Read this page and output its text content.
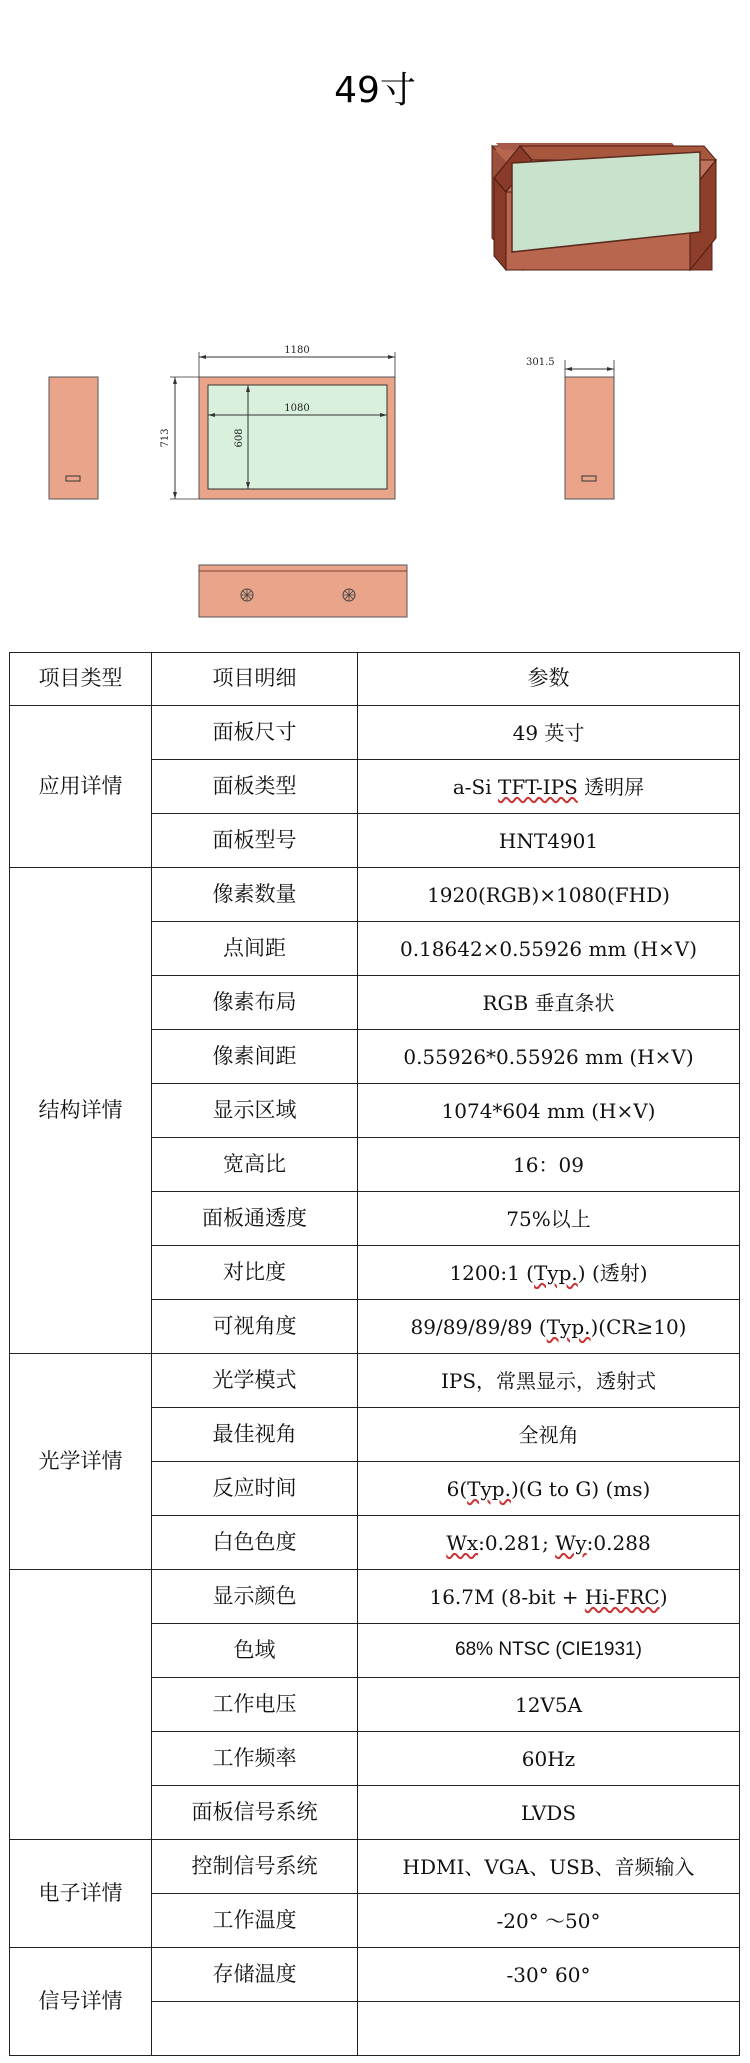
49寸
1180
1080
713	608
301.5
项目类型	项目明细	参数
应用详情	面板尺寸	49 英寸
	面板类型	a-Si TFT-IPS 透明屏
	面板型号	HNT4901
结构详情	像素数量	1920(RGB)×1080(FHD)
	点间距	0.18642×0.55926 mm (H×V)
	像素布局	RGB 垂直条状
	像素间距	0.55926*0.55926 mm (H×V)
	显示区域	1074*604 mm (H×V)
	宽高比	16：09
	面板通透度	75%以上
	对比度	1200:1 (Typ.) (透射)
	可视角度	89/89/89/89 (Typ.)(CR≥10)
光学详情	光学模式	IPS，常黑显示，透射式
	最佳视角	全视角
	反应时间	6(Typ.)(G to G) (ms)
	白色色度	Wx:0.281; Wy:0.288
	显示颜色	16.7M (8-bit + Hi-FRC)
	色域	68% NTSC (CIE1931)
	工作电压	12V5A
	工作频率	60Hz
	面板信号系统	LVDS
电子详情	控制信号系统	HDMI、VGA、USB、音频输入
	工作温度	-20° ～50°
信号详情	存储温度	-30° 60°
